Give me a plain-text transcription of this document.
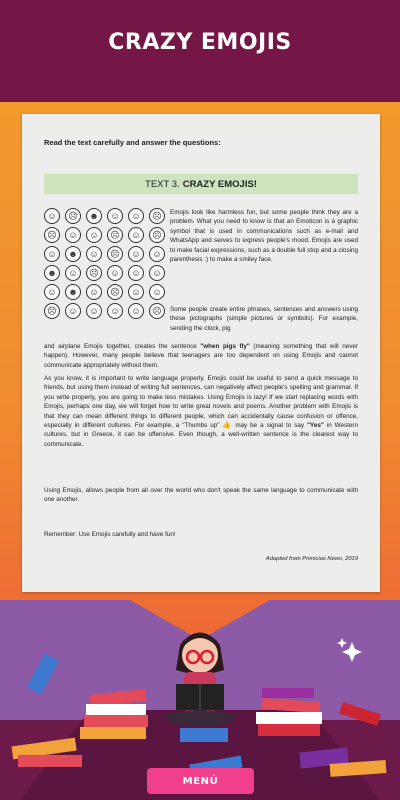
CRAZY EMOJIS
Read the text carefully and answer the questions:
TEXT 3. CRAZY EMOJIS!
☺	☹	☻	☺	☺	☹
☹	☺	☺	☹	☺	☹
☺	☻	☺	☹	☺	☺
☻	☺	☹	☺	☺	☺
☺	☻	☺	☹	☺	☺
☹	☺	☺	☺	☺	☹
Emojis look like harmless fun, but some people think they are a problem. What you need to know is that an Emoticon is a graphic symbol that is used in communications such as e-mail and WhatsApp and serves to express people's mood. Emojis are used to make facial expressions, such as a double full stop and a closing parenthesis :) to make a smiley face.
Some people create entire phrases, sentences and answers using these pictographs (simple pictures or symbols). For example, sending the clock, pig
and airplane Emojis together, creates the sentence "when pigs fly" (meaning something that will never happen). However, many people believe that teenagers are too dependent on using Emojis and cannot communicate appropriately without them.
As you know, it is important to write language properly. Emojis could be useful to send a quick message to friends, but using them instead of writing full sentences, can negatively affect people's spelling and grammar. If you write properly, you are going to make less mistakes. Using Emojis is lazy! If we start replacing words with Emojis, perhaps one day, we will forget how to write great novels and poems. Another problem with Emojis is that they can mean different things to different people, which can accidentally cause confusion or offence, especially in different cultures. For example, a "Thumbs up" 👍 may be a signal to say "Yes" in Western cultures, but in Greece, it can be offensive. Even though, a well-written sentence is the clearest way to communicate.
Using Emojis, allows people from all over the world who don't speak the same language to communicate with one another.
Remember: Use Emojis carefully and have fun!
Adapted from Primicias News, 2019
MENÚ
